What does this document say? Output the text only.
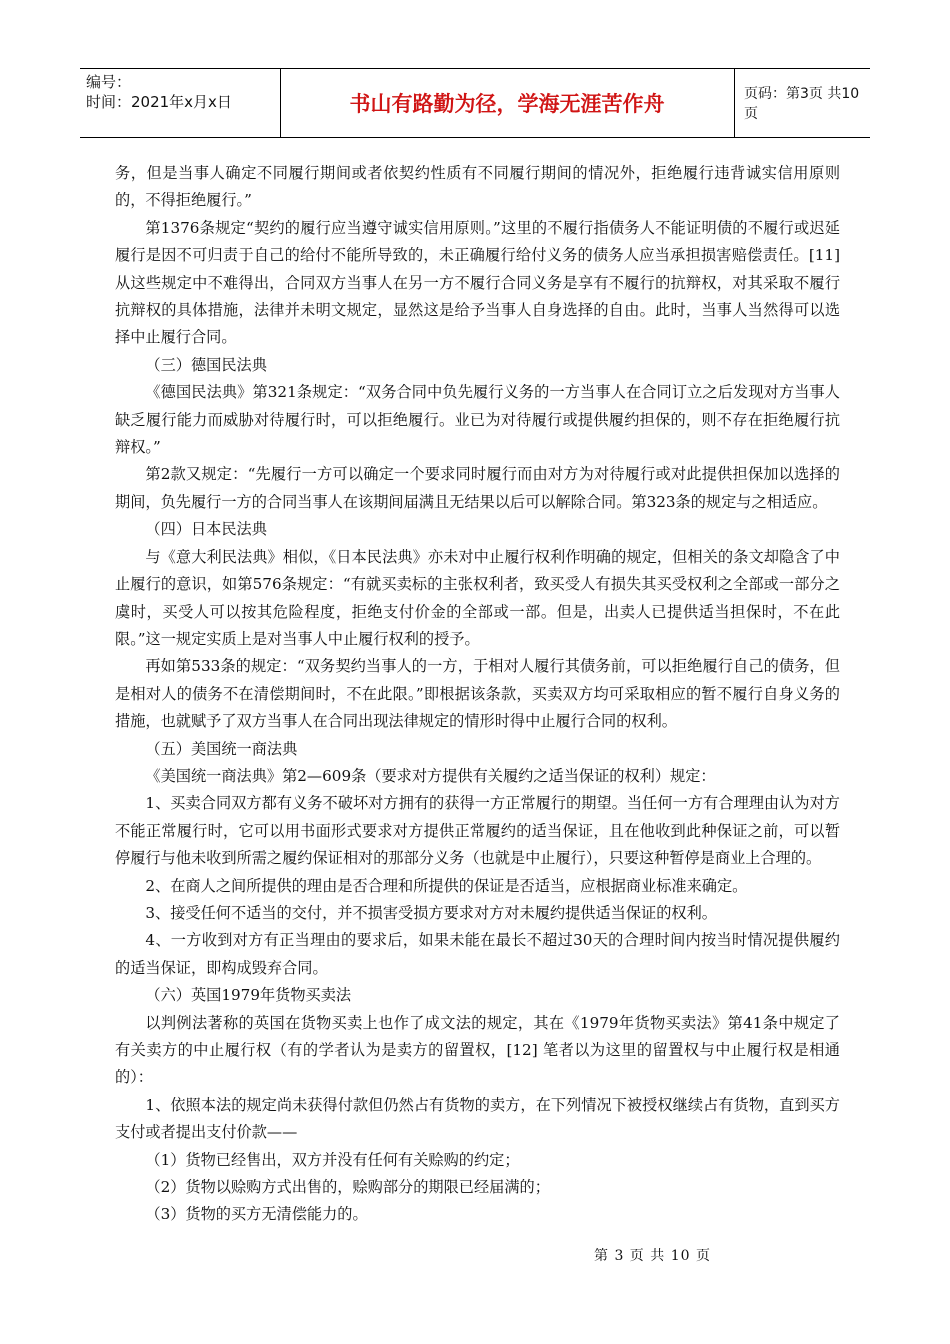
编号：
时间：2021年x月x日	书山有路勤为径，学海无涯苦作舟	页码：第3页 共10页

务，但是当事人确定不同履行期间或者依契约性质有不同履行期间的情况外，拒绝履行违背诚实信用原则的，不得拒绝履行。”

第1376条规定“契约的履行应当遵守诚实信用原则。”这里的不履行指债务人不能证明债的不履行或迟延履行是因不可归责于自己的给付不能所导致的，未正确履行给付义务的债务人应当承担损害赔偿责任。[11] 从这些规定中不难得出，合同双方当事人在另一方不履行合同义务是享有不履行的抗辩权，对其采取不履行抗辩权的具体措施，法律并未明文规定，显然这是给予当事人自身选择的自由。此时，当事人当然得可以选择中止履行合同。

（三）德国民法典

《德国民法典》第321条规定：“双务合同中负先履行义务的一方当事人在合同订立之后发现对方当事人缺乏履行能力而威胁对待履行时，可以拒绝履行。业已为对待履行或提供履约担保的，则不存在拒绝履行抗辩权。”

第2款又规定：“先履行一方可以确定一个要求同时履行而由对方为对待履行或对此提供担保加以选择的期间，负先履行一方的合同当事人在该期间届满且无结果以后可以解除合同。第323条的规定与之相适应。

（四）日本民法典

与《意大利民法典》相似，《日本民法典》亦未对中止履行权利作明确的规定，但相关的条文却隐含了中止履行的意识，如第576条规定：“有就买卖标的主张权利者，致买受人有损失其买受权利之全部或一部分之虞时，买受人可以按其危险程度，拒绝支付价金的全部或一部。但是，出卖人已提供适当担保时，不在此限。”这一规定实质上是对当事人中止履行权利的授予。

再如第533条的规定：“双务契约当事人的一方，于相对人履行其债务前，可以拒绝履行自己的债务，但是相对人的债务不在清偿期间时，不在此限。”即根据该条款，买卖双方均可采取相应的暂不履行自身义务的措施，也就赋予了双方当事人在合同出现法律规定的情形时得中止履行合同的权利。

（五）美国统一商法典

《美国统一商法典》第2—609条（要求对方提供有关履约之适当保证的权利）规定：

1、买卖合同双方都有义务不破坏对方拥有的获得一方正常履行的期望。当任何一方有合理理由认为对方不能正常履行时，它可以用书面形式要求对方提供正常履约的适当保证，且在他收到此种保证之前，可以暂停履行与他未收到所需之履约保证相对的那部分义务（也就是中止履行），只要这种暂停是商业上合理的。

2、在商人之间所提供的理由是否合理和所提供的保证是否适当，应根据商业标准来确定。

3、接受任何不适当的交付，并不损害受损方要求对方对未履约提供适当保证的权利。

4、一方收到对方有正当理由的要求后，如果未能在最长不超过30天的合理时间内按当时情况提供履约的适当保证，即构成毁弃合同。

（六）英国1979年货物买卖法

以判例法著称的英国在货物买卖上也作了成文法的规定，其在《1979年货物买卖法》第41条中规定了有关卖方的中止履行权（有的学者认为是卖方的留置权，[12] 笔者以为这里的留置权与中止履行权是相通的）：

1、依照本法的规定尚未获得付款但仍然占有货物的卖方，在下列情况下被授权继续占有货物，直到买方支付或者提出支付价款——

（1）货物已经售出，双方并没有任何有关赊购的约定；

（2）货物以赊购方式出售的，赊购部分的期限已经届满的；

（3）货物的买方无清偿能力的。

第 3 页 共 10 页
